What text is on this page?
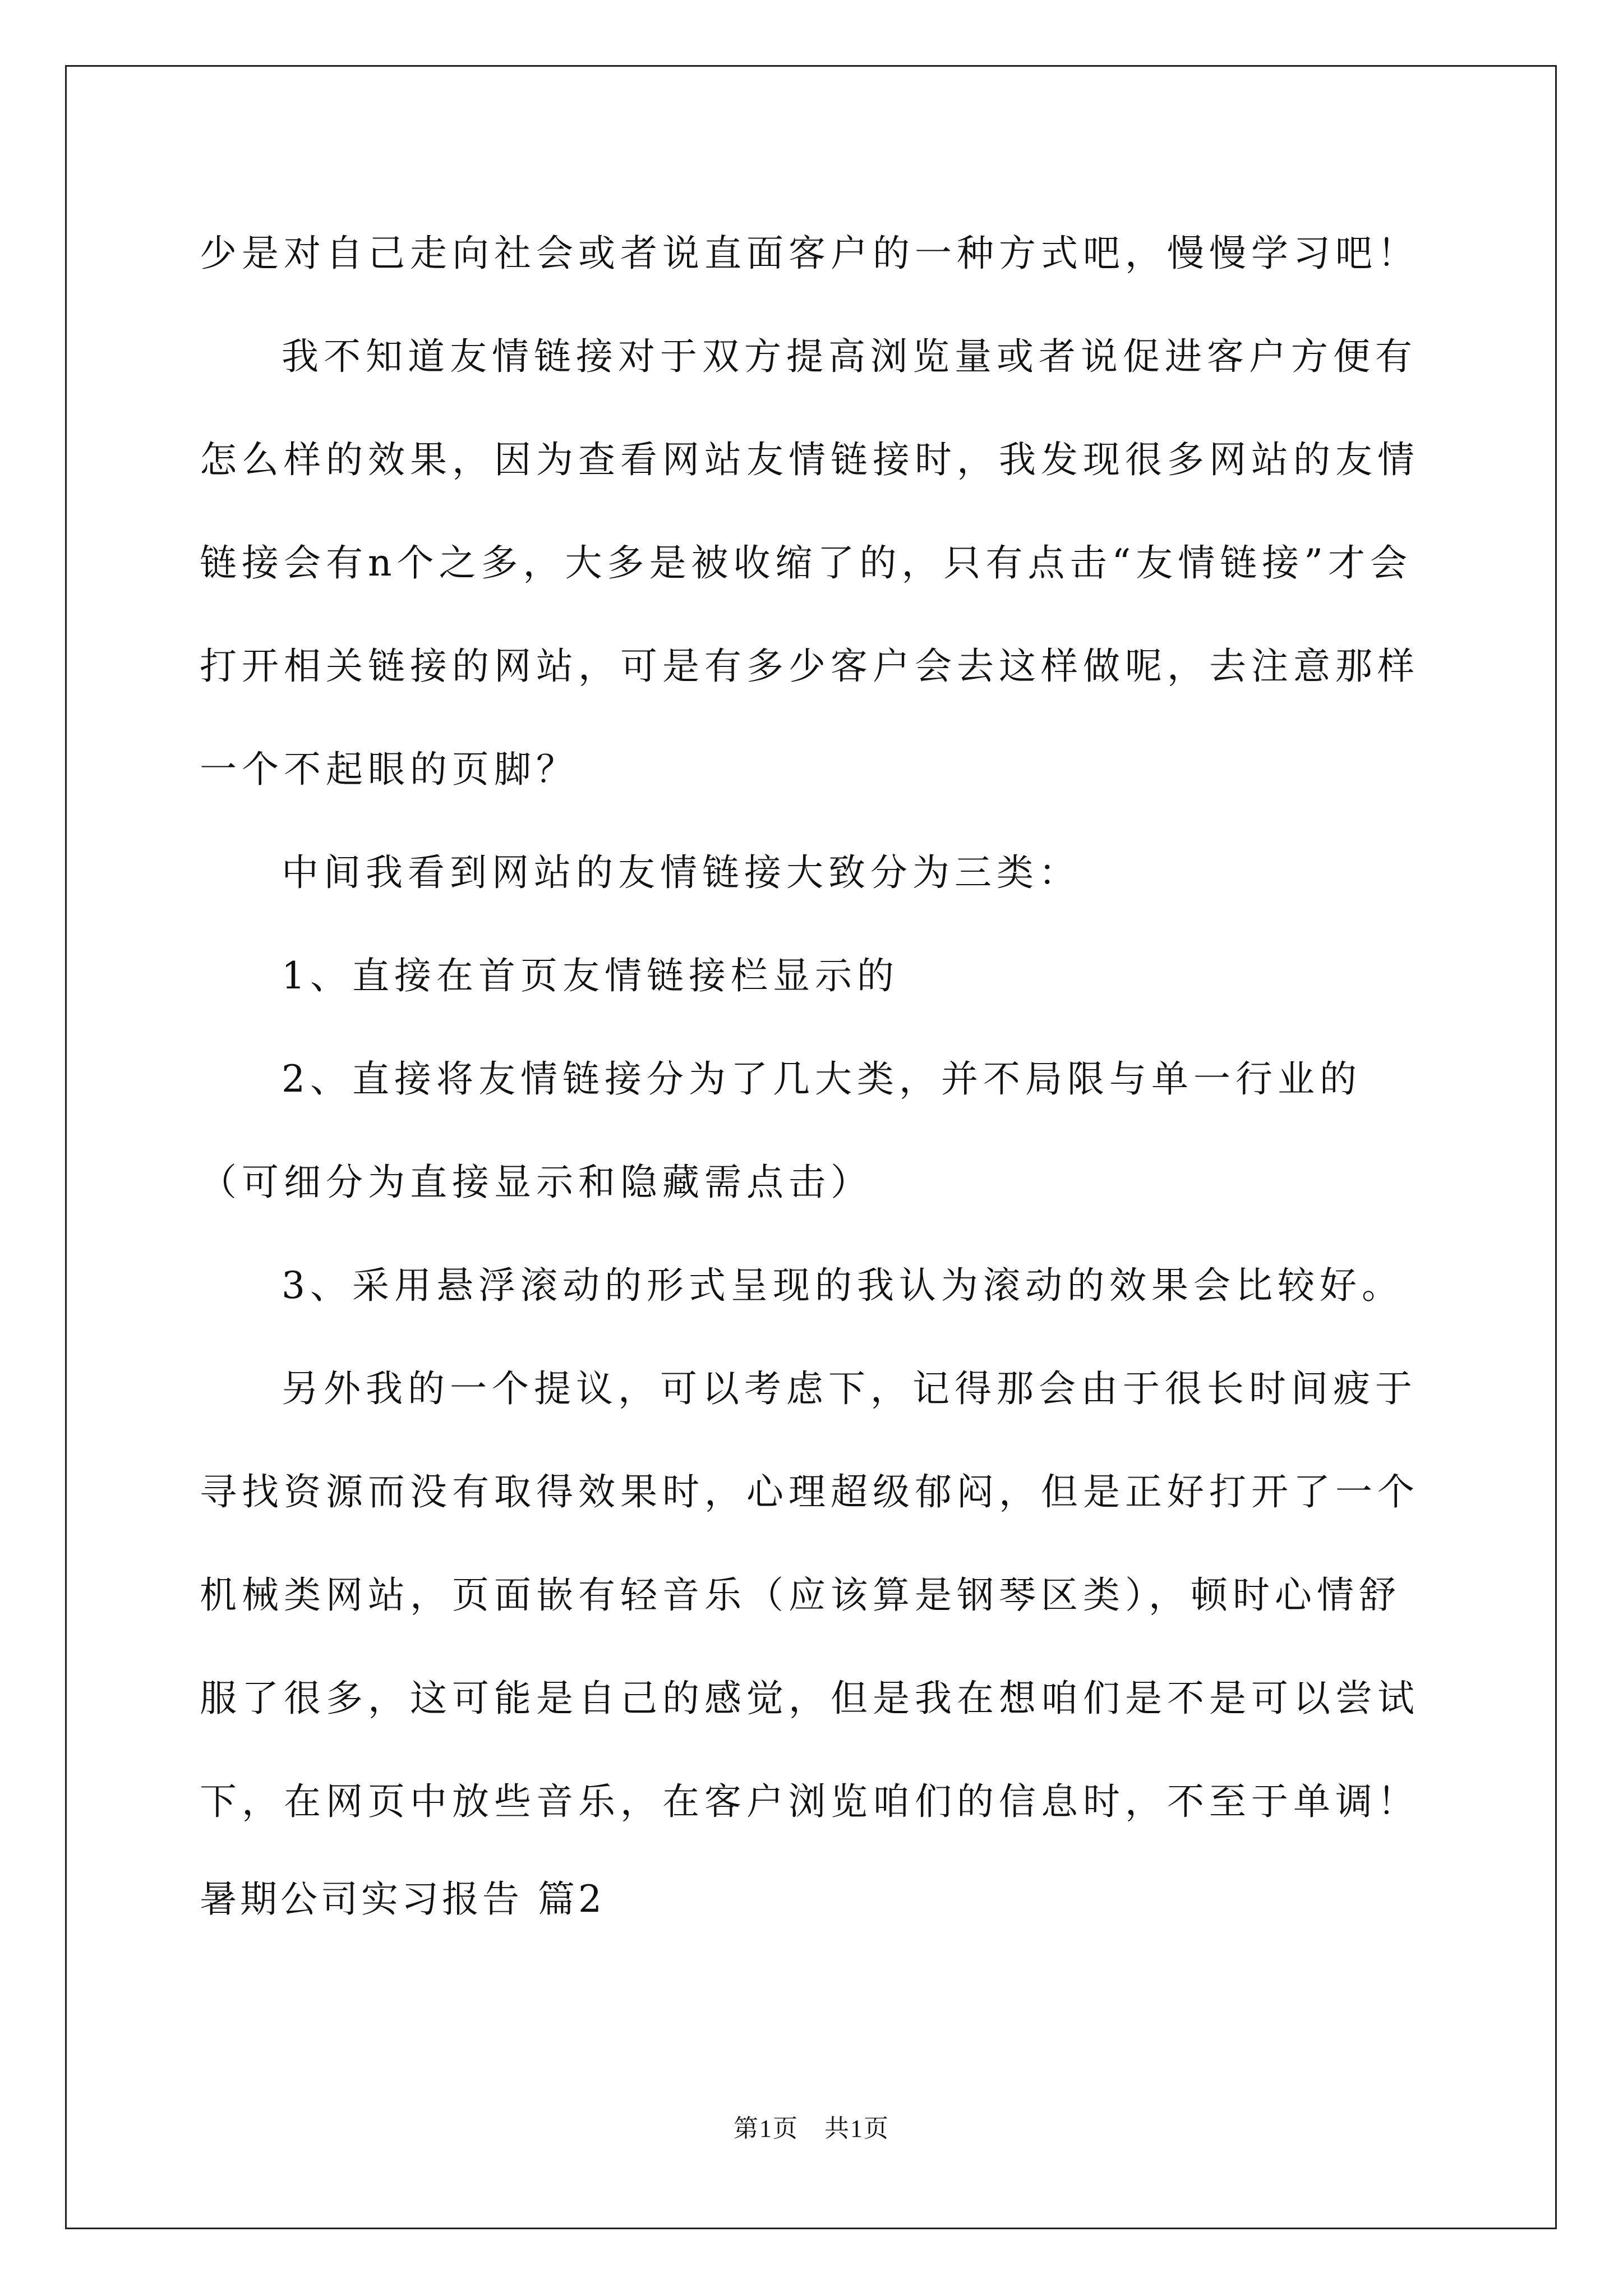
少是对自己走向社会或者说直面客户的一种方式吧，慢慢学习吧！

我不知道友情链接对于双方提高浏览量或者说促进客户方便有怎么样的效果，因为查看网站友情链接时，我发现很多网站的友情链接会有n个之多，大多是被收缩了的，只有点击“友情链接”才会打开相关链接的网站，可是有多少客户会去这样做呢，去注意那样一个不起眼的页脚？

中间我看到网站的友情链接大致分为三类：

1、直接在首页友情链接栏显示的

2、直接将友情链接分为了几大类，并不局限与单一行业的（可细分为直接显示和隐藏需点击）

3、采用悬浮滚动的形式呈现的我认为滚动的效果会比较好。

另外我的一个提议，可以考虑下，记得那会由于很长时间疲于寻找资源而没有取得效果时，心理超级郁闷，但是正好打开了一个机械类网站，页面嵌有轻音乐（应该算是钢琴区类），顿时心情舒服了很多，这可能是自己的感觉，但是我在想咱们是不是可以尝试下，在网页中放些音乐，在客户浏览咱们的信息时，不至于单调！

暑期公司实习报告 篇2

第1页　共1页
